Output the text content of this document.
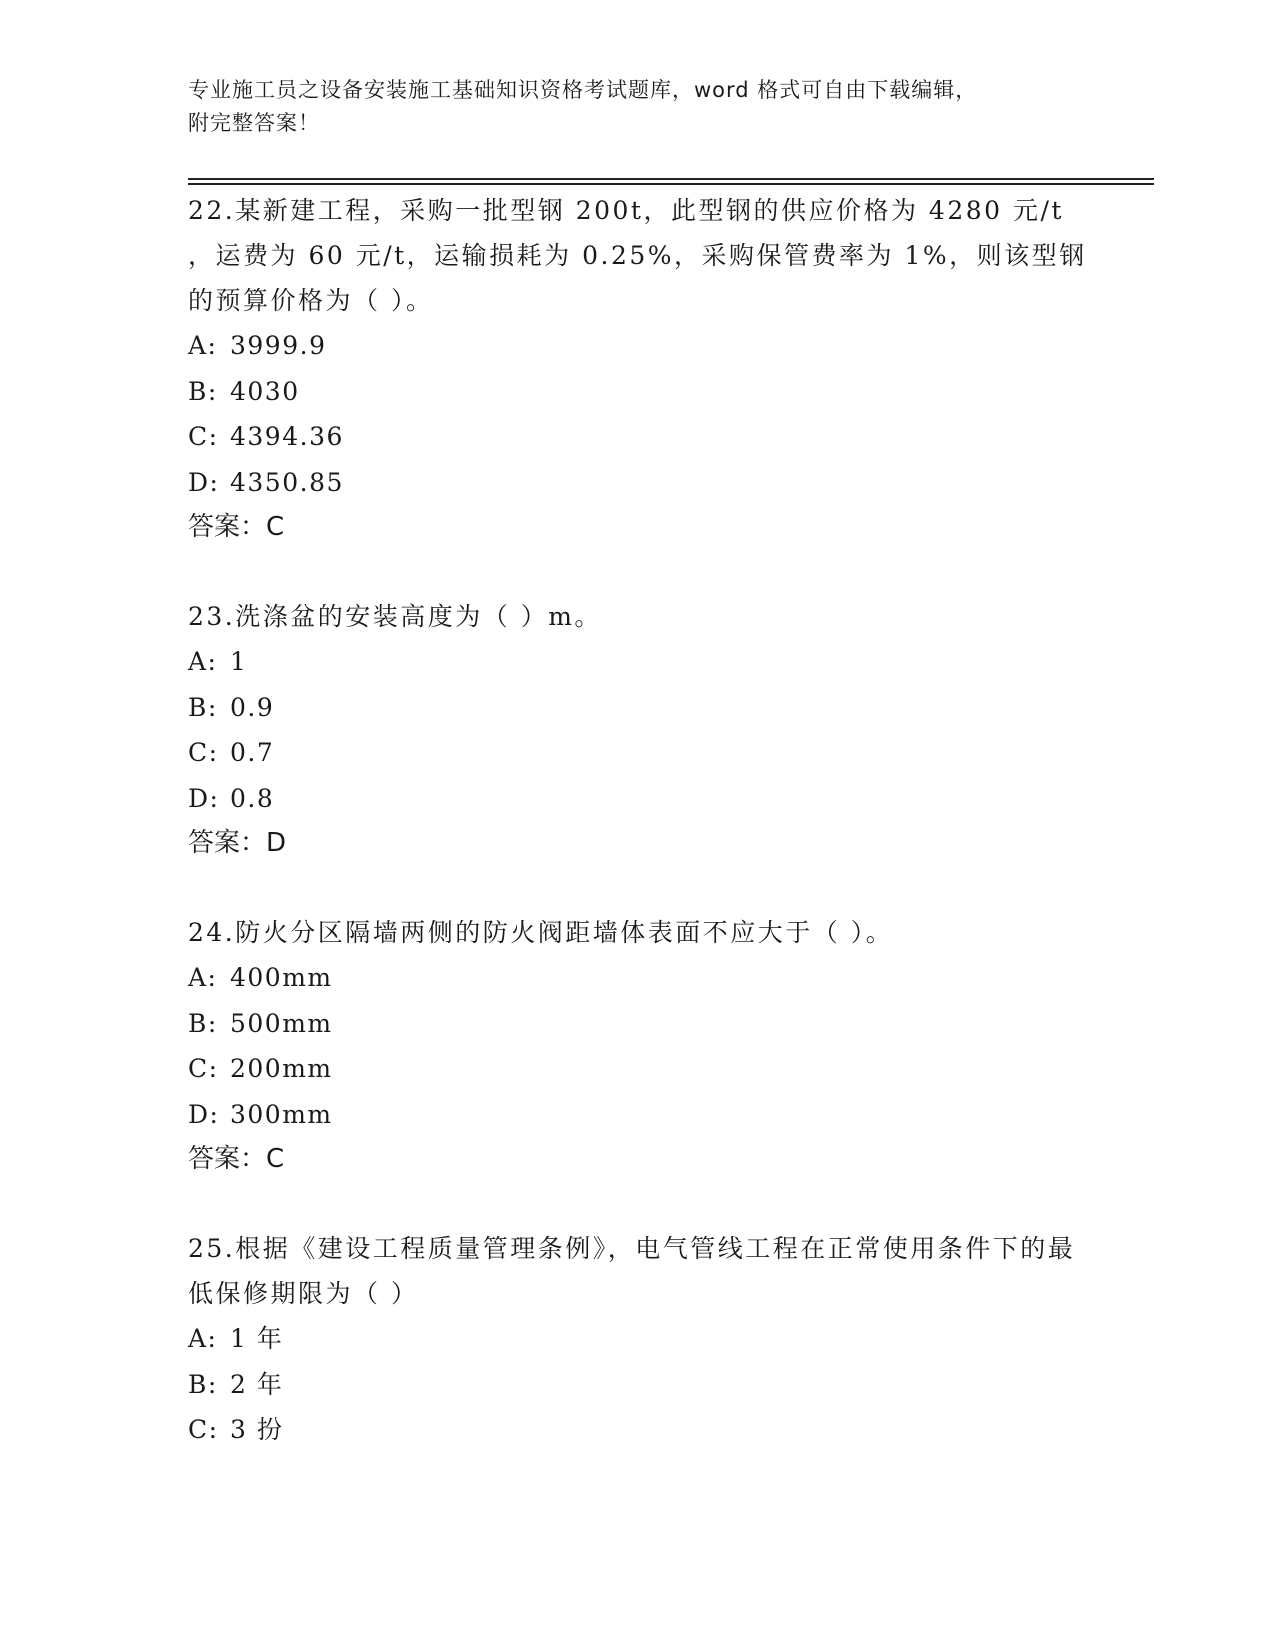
专业施工员之设备安装施工基础知识资格考试题库，word 格式可自由下载编辑，
附完整答案！

22.某新建工程，采购一批型钢 200t，此型钢的供应价格为 4280 元/t ，运费为 60 元/t，运输损耗为 0.25%，采购保管费率为 1%，则该型钢的预算价格为（ ）。

A: 3999.9

B: 4030

C: 4394.36

D: 4350.85

答案：C

23.洗涤盆的安装高度为（ ）m。

A: 1

B: 0.9

C: 0.7

D: 0.8

答案：D

24.防火分区隔墙两侧的防火阀距墙体表面不应大于（ ）。

A: 400mm

B: 500mm

C: 200mm

D: 300mm

答案：C

25.根据《建设工程质量管理条例》，电气管线工程在正常使用条件下的最低保修期限为（ ）

A: 1 年

B: 2 年

C: 3 扮
